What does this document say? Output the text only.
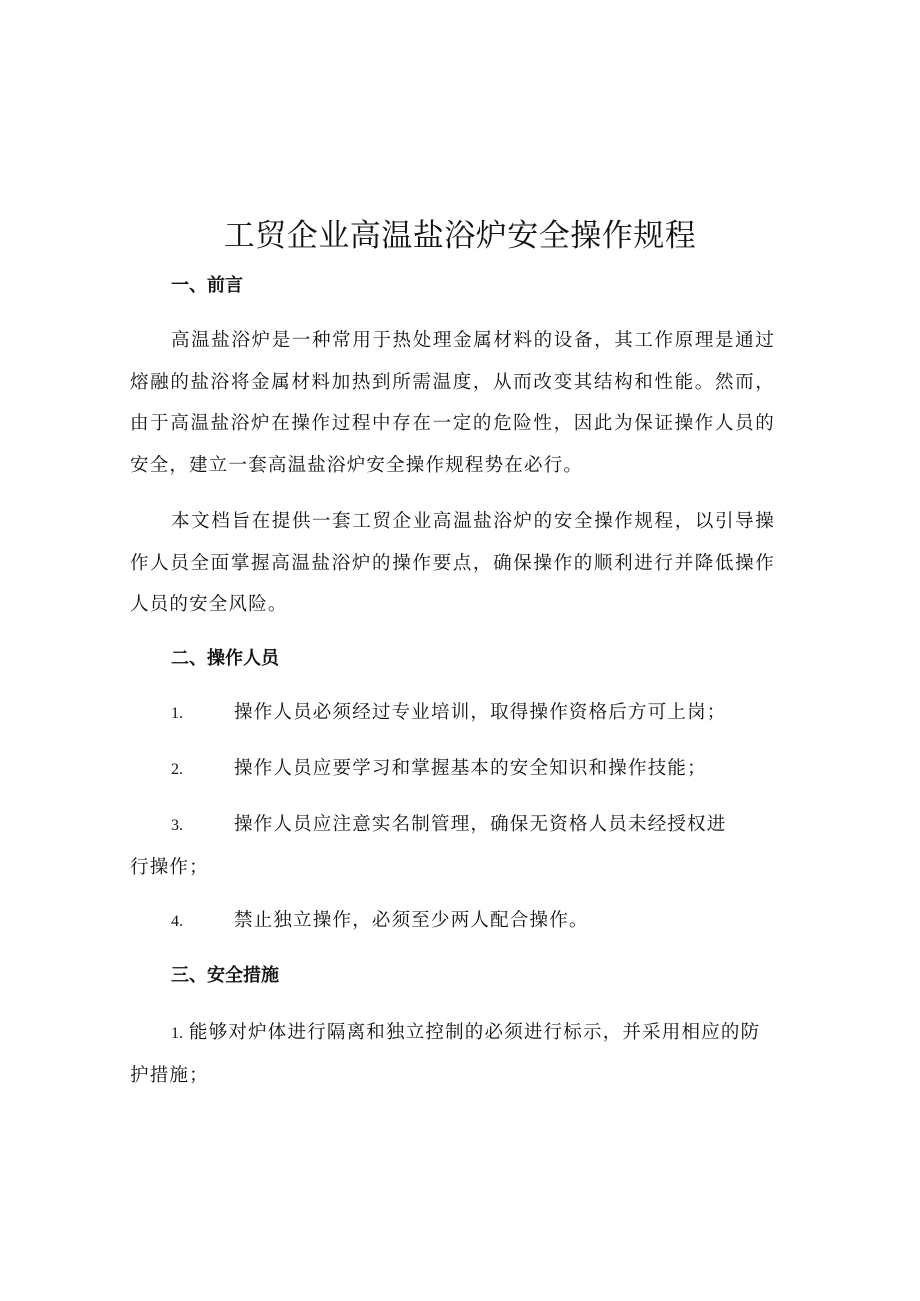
工贸企业高温盐浴炉安全操作规程
一、前言

高温盐浴炉是一种常用于热处理金属材料的设备，其工作原理是通过熔融的盐浴将金属材料加热到所需温度，从而改变其结构和性能。然而，由于高温盐浴炉在操作过程中存在一定的危险性，因此为保证操作人员的安全，建立一套高温盐浴炉安全操作规程势在必行。

本文档旨在提供一套工贸企业高温盐浴炉的安全操作规程，以引导操作人员全面掌握高温盐浴炉的操作要点，确保操作的顺利进行并降低操作人员的安全风险。

二、操作人员
1.	操作人员必须经过专业培训，取得操作资格后方可上岗；
2.	操作人员应要学习和掌握基本的安全知识和操作技能；
3.	操作人员应注意实名制管理，确保无资格人员未经授权进行操作；
4.	禁止独立操作，必须至少两人配合操作。
三、安全措施
1. 能够对炉体进行隔离和独立控制的必须进行标示，并采用相应的防护措施；
